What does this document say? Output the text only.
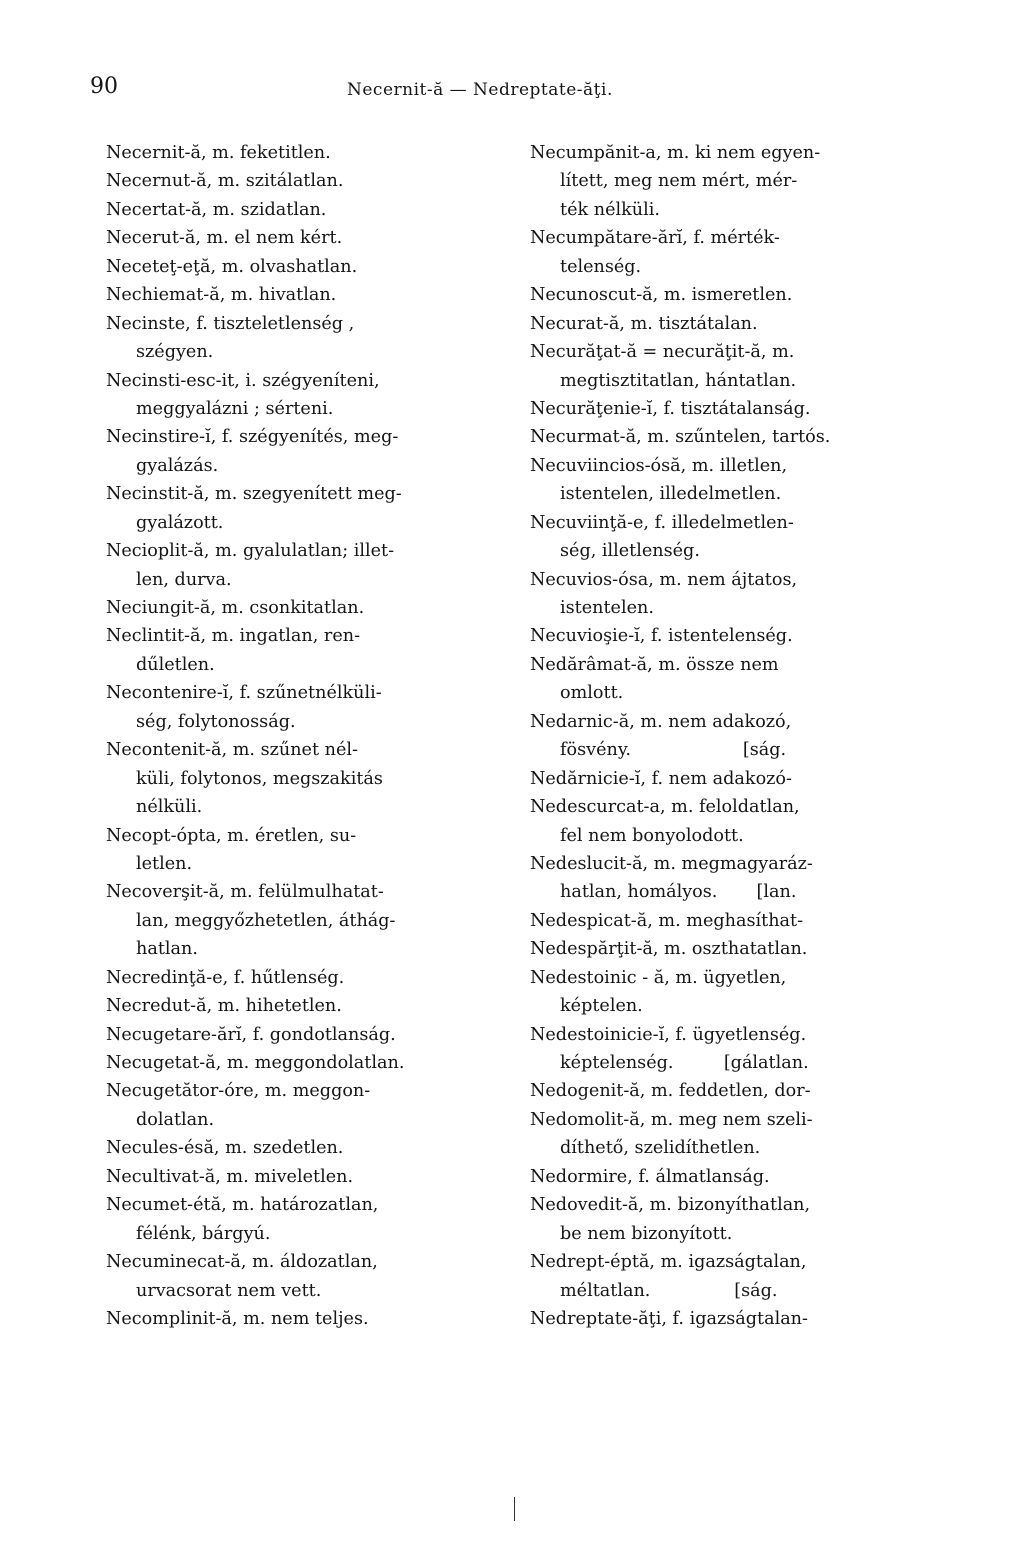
90	Necernit-ă — Nedreptate-ăţi.
Necernit-ă, m. feketitlen.
Necernut-ă, m. szitálatlan.
Necertat-ă, m. szidatlan.
Necerut-ă, m. el nem kért.
Neceteţ-eţă, m. olvashatlan.
Nechiemat-ă, m. hivatlan.
Necinste, f. tiszteletlenség ,
szégyen.
Necinsti-esc-it, i. szégyeníteni,
meggyalázni ; sérteni.
Necinstire-ĭ, f. szégyenítés, meg-
gyalázás.
Necinstit-ă, m. szegyenített meg-
gyalázott.
Necioplit-ă, m. gyalulatlan; illet-
len, durva.
Neciungit-ă, m. csonkitatlan.
Neclintit-ă, m. ingatlan, ren-
dűletlen.
Necontenire-ĭ, f. szűnetnélküli-
ség, folytonosság.
Necontenit-ă, m. szűnet nél-
küli, folytonos, megszakitás
nélküli.
Necopt-ópta, m. éretlen, su-
letlen.
Necoverşit-ă, m. felülmulhatat-
lan, meggyőzhetetlen, áthág-
hatlan.
Necredinţă-e, f. hűtlenség.
Necredut-ă, m. hihetetlen.
Necugetare-ărĭ, f. gondotlanság.
Necugetat-ă, m. meggondolatlan.
Necugetător-óre, m. meggon-
dolatlan.
Necules-ésă, m. szedetlen.
Necultivat-ă, m. miveletlen.
Necumet-étă, m. határozatlan,
félénk, bárgyú.
Necuminecat-ă, m. áldozatlan,
urvacsorat nem vett.
Necomplinit-ă, m. nem teljes.
Necumpănit-a, m. ki nem egyen-
lített, meg nem mért, mér-
ték nélküli.
Necumpătare-ărĭ, f. mérték-
telenség.
Necunoscut-ă, m. ismeretlen.
Necurat-ă, m. tisztátalan.
Necurăţat-ă = necurăţit-ă, m.
megtisztitatlan, hántatlan.
Necurăţenie-ĭ, f. tisztátalanság.
Necurmat-ă, m. szűntelen, tartós.
Necuviincios-ósă, m. illetlen,
istentelen, illedelmetlen.
Necuviinţă-e, f. illedelmetlen-
ség, illetlenség.
Necuvios-ósa, m. nem ájtatos,
istentelen.
Necuvioşie-ĭ, f. istentelenség.
Nedărâmat-ă, m. össze nem
omlott.
Nedarnic-ă, m. nem adakozó,
fösvény.                    [ság.
Nedărnicie-ĭ, f. nem adakozó-
Nedescurcat-a, m. feloldatlan,
fel nem bonyolodott.
Nedeslucit-ă, m. megmagyaráz-
hatlan, homályos.       [lan.
Nedespicat-ă, m. meghasíthat-
Nedespărţit-ă, m. oszthatatlan.
Nedestoinic - ă, m. ügyetlen,
képtelen.
Nedestoinicie-ĭ, f. ügyetlenség.
képtelenség.         [gálatlan.
Nedogenit-ă, m. feddetlen, dor-
Nedomolit-ă, m. meg nem szeli-
díthető, szelidíthetlen.
Nedormire, f. álmatlanság.
Nedovedit-ă, m. bizonyíthatlan,
be nem bizonyított.
Nedrept-éptă, m. igazságtalan,
méltatlan.               [ság.
Nedreptate-ăţi, f. igazságtalan-
